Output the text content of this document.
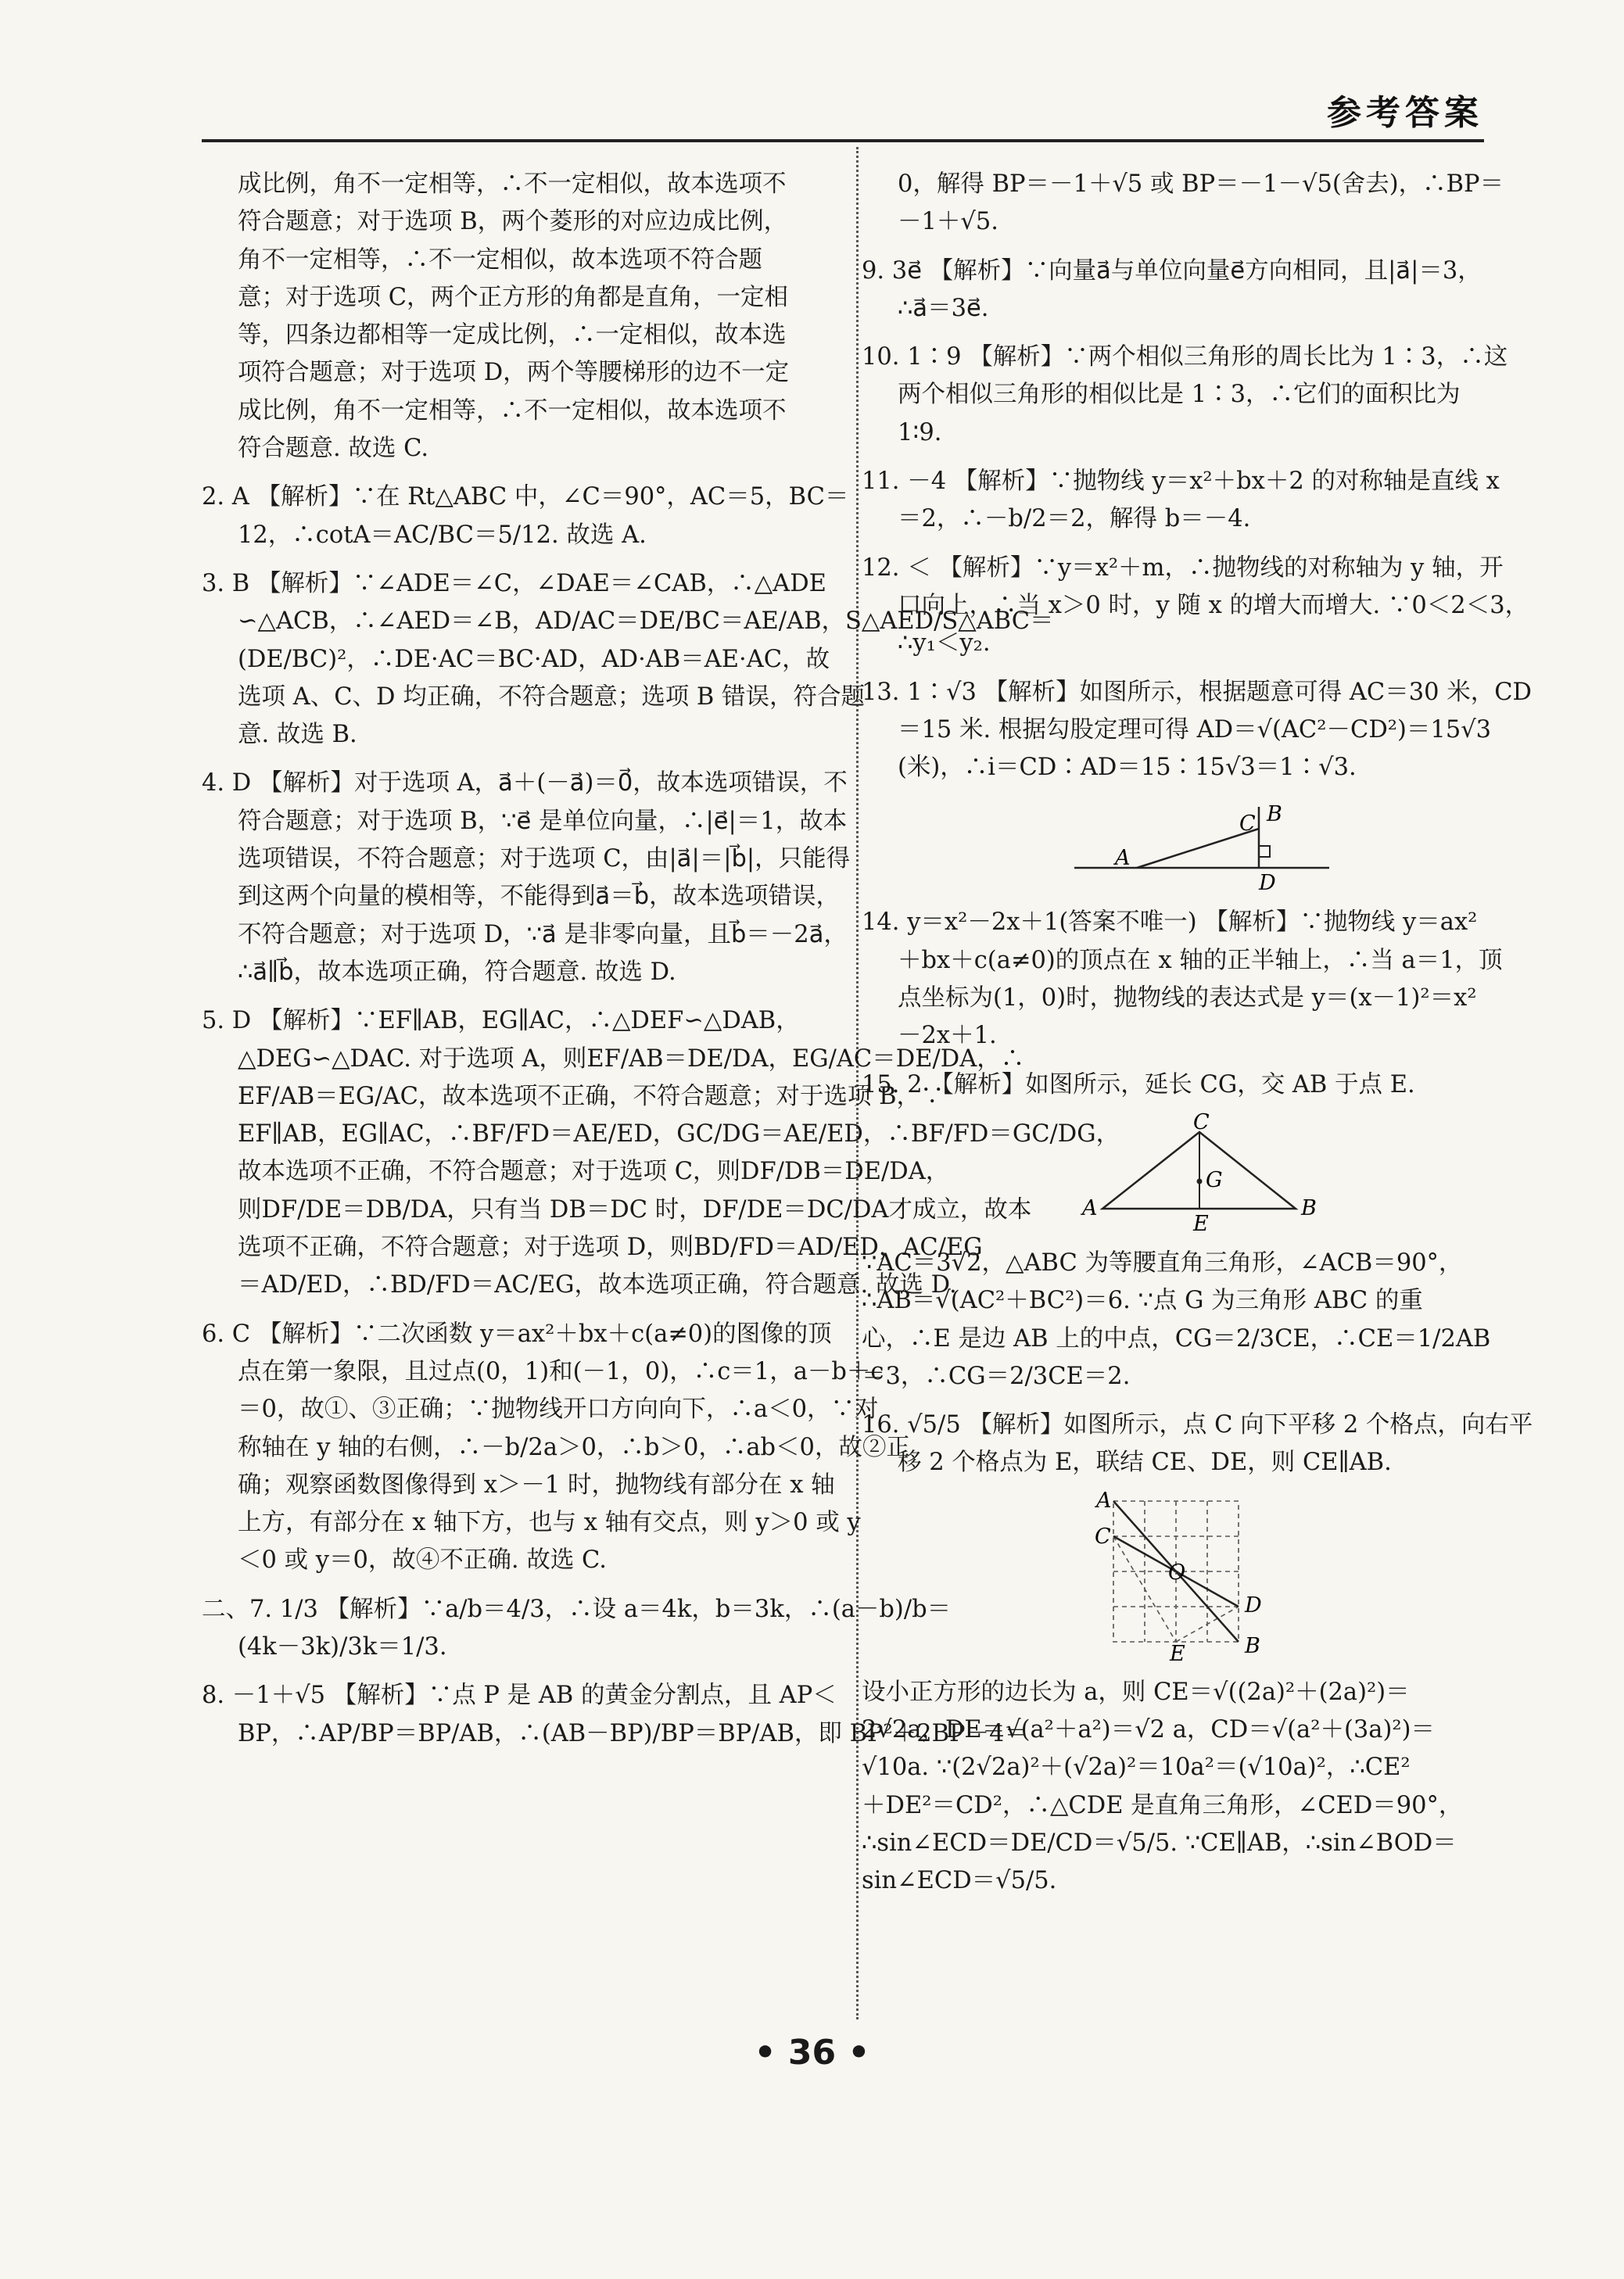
参考答案
成比例，角不一定相等，∴不一定相似，故本选项不
符合题意；对于选项 B，两个菱形的对应边成比例，
角不一定相等，∴不一定相似，故本选项不符合题
意；对于选项 C，两个正方形的角都是直角，一定相
等，四条边都相等一定成比例，∴一定相似，故本选
项符合题意；对于选项 D，两个等腰梯形的边不一定
成比例，角不一定相等，∴不一定相似，故本选项不
符合题意. 故选 C.
2. A 【解析】∵在 Rt△ABC 中，∠C＝90°，AC＝5，BC＝
12，∴cotA＝AC/BC＝5/12. 故选 A.
3. B 【解析】∵∠ADE＝∠C，∠DAE＝∠CAB，∴△ADE
∽△ACB，∴∠AED＝∠B，AD/AC＝DE/BC＝AE/AB，S△AED/S△ABC＝
(DE/BC)²，∴DE·AC＝BC·AD，AD·AB＝AE·AC，故
选项 A、C、D 均正确，不符合题意；选项 B 错误，符合题
意. 故选 B.
4. D 【解析】对于选项 A，a⃗＋(－a⃗)＝0⃗，故本选项错误，不
符合题意；对于选项 B，∵e⃗ 是单位向量，∴|e⃗|＝1，故本
选项错误，不符合题意；对于选项 C，由|a⃗|＝|b⃗|，只能得
到这两个向量的模相等，不能得到a⃗＝b⃗，故本选项错误，
不符合题意；对于选项 D，∵a⃗ 是非零向量，且b⃗＝－2a⃗，
∴a⃗∥b⃗，故本选项正确，符合题意. 故选 D.
5. D 【解析】∵EF∥AB，EG∥AC，∴△DEF∽△DAB，
△DEG∽△DAC. 对于选项 A，则EF/AB＝DE/DA，EG/AC＝DE/DA，∴
EF/AB＝EG/AC，故本选项不正确，不符合题意；对于选项 B，∵
EF∥AB，EG∥AC，∴BF/FD＝AE/ED，GC/DG＝AE/ED，∴BF/FD＝GC/DG，
故本选项不正确，不符合题意；对于选项 C，则DF/DB＝DE/DA，
则DF/DE＝DB/DA，只有当 DB＝DC 时，DF/DE＝DC/DA才成立，故本
选项不正确，不符合题意；对于选项 D，则BD/FD＝AD/ED，AC/EG
＝AD/ED，∴BD/FD＝AC/EG，故本选项正确，符合题意. 故选 D.
6. C 【解析】∵二次函数 y＝ax²＋bx＋c(a≠0)的图像的顶
点在第一象限，且过点(0，1)和(－1，0)，∴c＝1，a－b＋c
＝0，故①、③正确；∵抛物线开口方向向下，∴a＜0，∵对
称轴在 y 轴的右侧，∴－b/2a＞0，∴b＞0，∴ab＜0，故②正
确；观察函数图像得到 x＞－1 时，抛物线有部分在 x 轴
上方，有部分在 x 轴下方，也与 x 轴有交点，则 y＞0 或 y
＜0 或 y＝0，故④不正确. 故选 C.
二、7. 1/3 【解析】∵a/b＝4/3，∴设 a＝4k，b＝3k，∴(a－b)/b＝
(4k－3k)/3k＝1/3.
8. －1＋√5 【解析】∵点 P 是 AB 的黄金分割点，且 AP＜
BP，∴AP/BP＝BP/AB，∴(AB－BP)/BP＝BP/AB，即 BP²＋2BP－4＝
0，解得 BP＝－1＋√5 或 BP＝－1－√5(舍去)，∴BP＝
－1＋√5.
9. 3e⃗ 【解析】∵向量a⃗与单位向量e⃗方向相同，且|a⃗|＝3，
∴a⃗＝3e⃗.
10. 1∶9 【解析】∵两个相似三角形的周长比为 1∶3，∴这
两个相似三角形的相似比是 1∶3，∴它们的面积比为
1∶9.
11. －4 【解析】∵抛物线 y＝x²＋bx＋2 的对称轴是直线 x
＝2，∴－b/2＝2，解得 b＝－4.
12. ＜ 【解析】∵y＝x²＋m，∴抛物线的对称轴为 y 轴，开
口向上，∴当 x＞0 时，y 随 x 的增大而增大. ∵0＜2＜3，
∴y₁＜y₂.
13. 1∶√3 【解析】如图所示，根据题意可得 AC＝30 米，CD
＝15 米. 根据勾股定理可得 AD＝√(AC²－CD²)＝15√3
(米)，∴i＝CD∶AD＝15∶15√3＝1∶√3.
A
C B
D
14. y＝x²－2x＋1(答案不唯一) 【解析】∵抛物线 y＝ax²
＋bx＋c(a≠0)的顶点在 x 轴的正半轴上，∴当 a＝1，顶
点坐标为(1，0)时，抛物线的表达式是 y＝(x－1)²＝x²
－2x＋1.
15. 2 【解析】如图所示，延长 CG，交 AB 于点 E.
C
G
A
E
B
∵AC＝3√2，△ABC 为等腰直角三角形，∠ACB＝90°，
∴AB＝√(AC²＋BC²)＝6. ∵点 G 为三角形 ABC 的重
心，∴E 是边 AB 上的中点，CG＝2/3CE，∴CE＝1/2AB
＝3，∴CG＝2/3CE＝2.
16. √5/5 【解析】如图所示，点 C 向下平移 2 个格点，向右平
移 2 个格点为 E，联结 CE、DE，则 CE∥AB.
A
C
O
D
E	B
设小正方形的边长为 a，则 CE＝√((2a)²＋(2a)²)＝
2√2a，DE＝√(a²＋a²)＝√2 a，CD＝√(a²＋(3a)²)＝
√10a. ∵(2√2a)²＋(√2a)²＝10a²＝(√10a)²，∴CE²
＋DE²＝CD²，∴△CDE 是直角三角形，∠CED＝90°，
∴sin∠ECD＝DE/CD＝√5/5. ∵CE∥AB，∴sin∠BOD＝
sin∠ECD＝√5/5.
• 36 •
